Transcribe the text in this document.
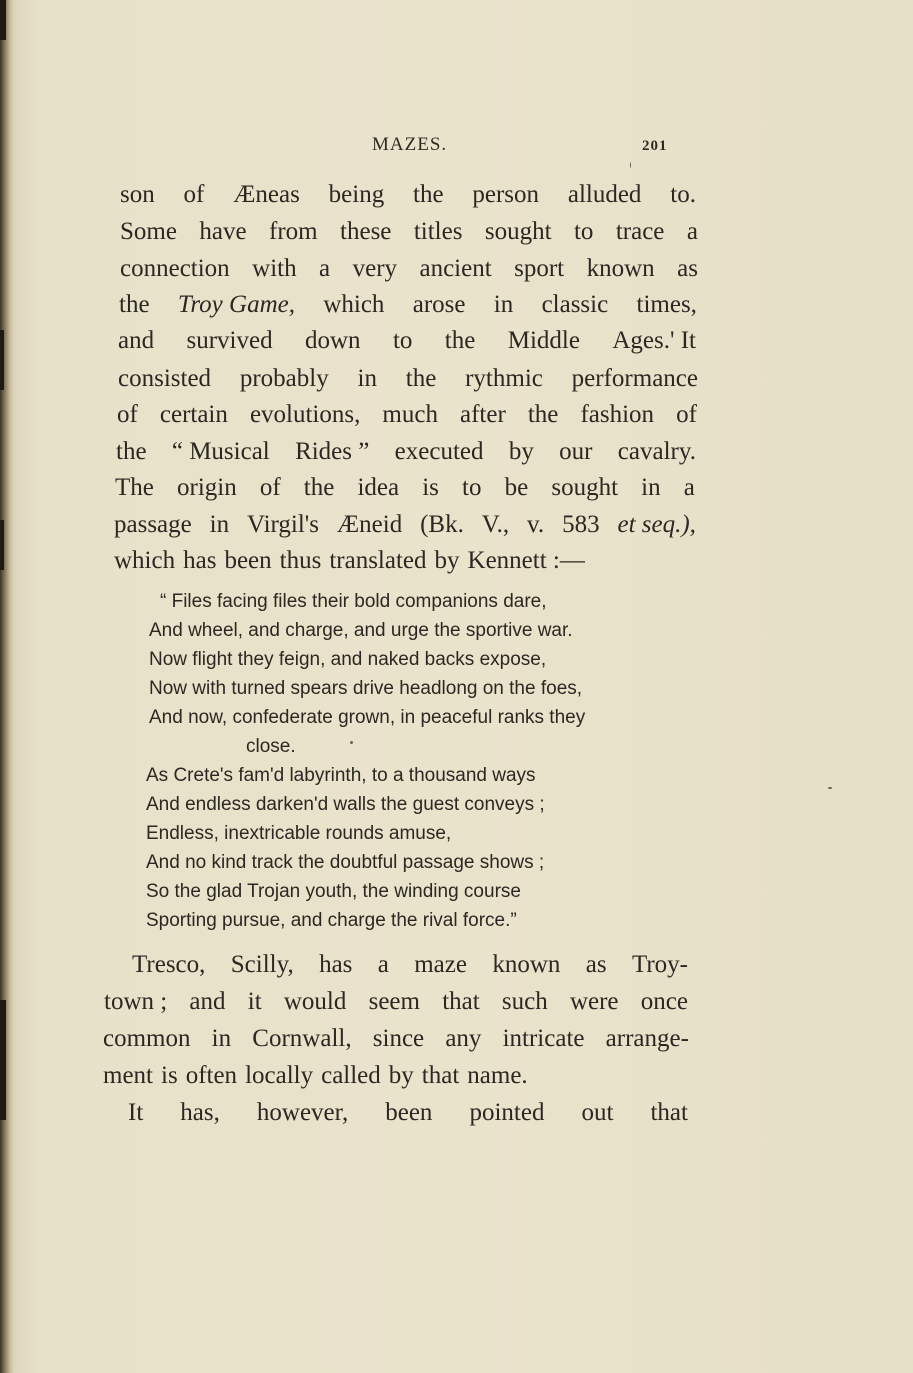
MAZES.	201
son of Æneas being the person alluded to.
Some have from these titles sought to trace a
connection with a very ancient sport known as
the Troy Game, which arose in classic times,
and survived down to the Middle Ages.' It
consisted probably in the rythmic performance
of certain evolutions, much after the fashion of
the “ Musical Rides ” executed by our cavalry.
The origin of the idea is to be sought in a
passage in Virgil's Æneid (Bk. V., v. 583 et seq.),
which has been thus translated by Kennett :—
“ Files facing files their bold companions dare,
And wheel, and charge, and urge the sportive war.
Now flight they feign, and naked backs expose,
Now with turned spears drive headlong on the foes,
And now, confederate grown, in peaceful ranks they
close.
As Crete's fam'd labyrinth, to a thousand ways
And endless darken'd walls the guest conveys ;
Endless, inextricable rounds amuse,
And no kind track the doubtful passage shows ;
So the glad Trojan youth, the winding course
Sporting pursue, and charge the rival force.”
Tresco, Scilly, has a maze known as Troy-
town ; and it would seem that such were once
common in Cornwall, since any intricate arrange-
ment is often locally called by that name.
It has, however, been pointed out that
